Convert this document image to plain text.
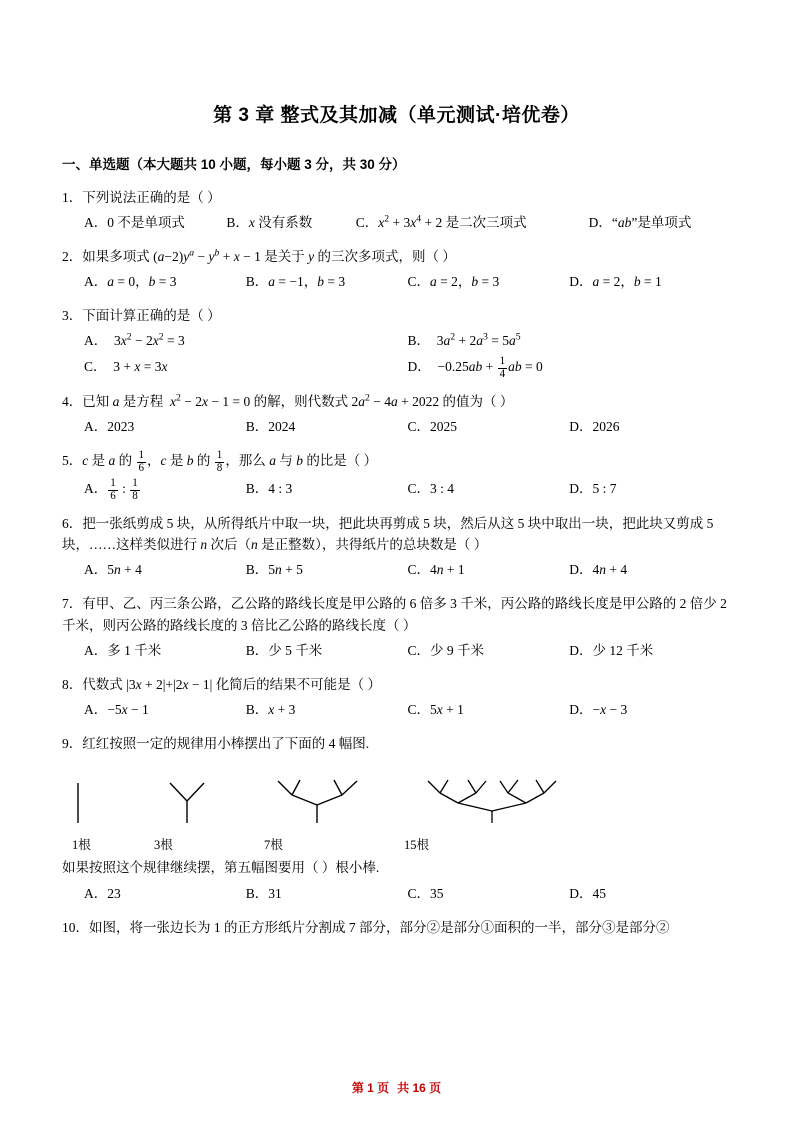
第 3 章 整式及其加减（单元测试·培优卷）
一、单选题（本大题共 10 小题，每小题 3 分，共 30 分）
1．下列说法正确的是（ ）
A．0 不是单项式	B．x 没有系数	C．$x^2 + 3x^4 + 2$ 是二次三项式	D．“ab”是单项式
2．如果多项式 $(a-2)y^a - y^b + x - 1$ 是关于 y 的三次多项式，则（ ）
A．a = 0，b = 3	B．a = −1，b = 3	C．a = 2，b = 3	D．a = 2，b = 1
3．下面计算正确的是（ ）
A．  $3x^2 - 2x^2 = 3$	B．  $3a^2 + 2a^3 = 5a^5$
C．  3 + x = 3x	D．  $-0.25ab + \frac{1}{4}$ ab = 0
4．已知 a 是方程  $x^2 - 2x - 1 = 0$ 的解，则代数式 $2a^2 - 4a + 2022$ 的值为（ ）
A．2023	B．2024	C．2025	D．2026
5．c 是 a 的 $\frac{1}{6}$ ，c 是 b 的 $\frac{1}{8}$ ，那么 a 与 b 的比是（ ）
A． $\frac{1}{6}$ : $\frac{1}{8}$	B．4 : 3	C．3 : 4	D．5 : 7
6．把一张纸剪成 5 块，从所得纸片中取一块，把此块再剪成 5 块，然后从这 5 块中取出一块，把此块又剪成 5 块，……这样类似进行 n 次后（n 是正整数），共得纸片的总块数是（ ）
A．5n + 4	B．5n + 5	C．4n + 1	D．4n + 4
7．有甲、乙、丙三条公路，乙公路的路线长度是甲公路的 6 倍多 3 千米，丙公路的路线长度是甲公路的 2 倍少 2 千米，则丙公路的路线长度的 3 倍比乙公路的路线长度（ ）
A．多 1 千米	B．少 5 千米	C．少 9 千米	D．少 12 千米
8．代数式 |3x + 2|+|2x − 1| 化简后的结果不可能是（ ）
A．−5x − 1	B．x + 3	C．5x + 1	D．−x − 3
9．红红按照一定的规律用小棒摆出了下面的 4 幅图.
1根	3根	7根	15根
如果按照这个规律继续摆，第五幅图要用（ ）根小棒.
A．23	B．31	C．35	D．45
10．如图，将一张边长为 1 的正方形纸片分割成 7 部分，部分②是部分①面积的一半，部分③是部分②
第 1 页 共 16 页
